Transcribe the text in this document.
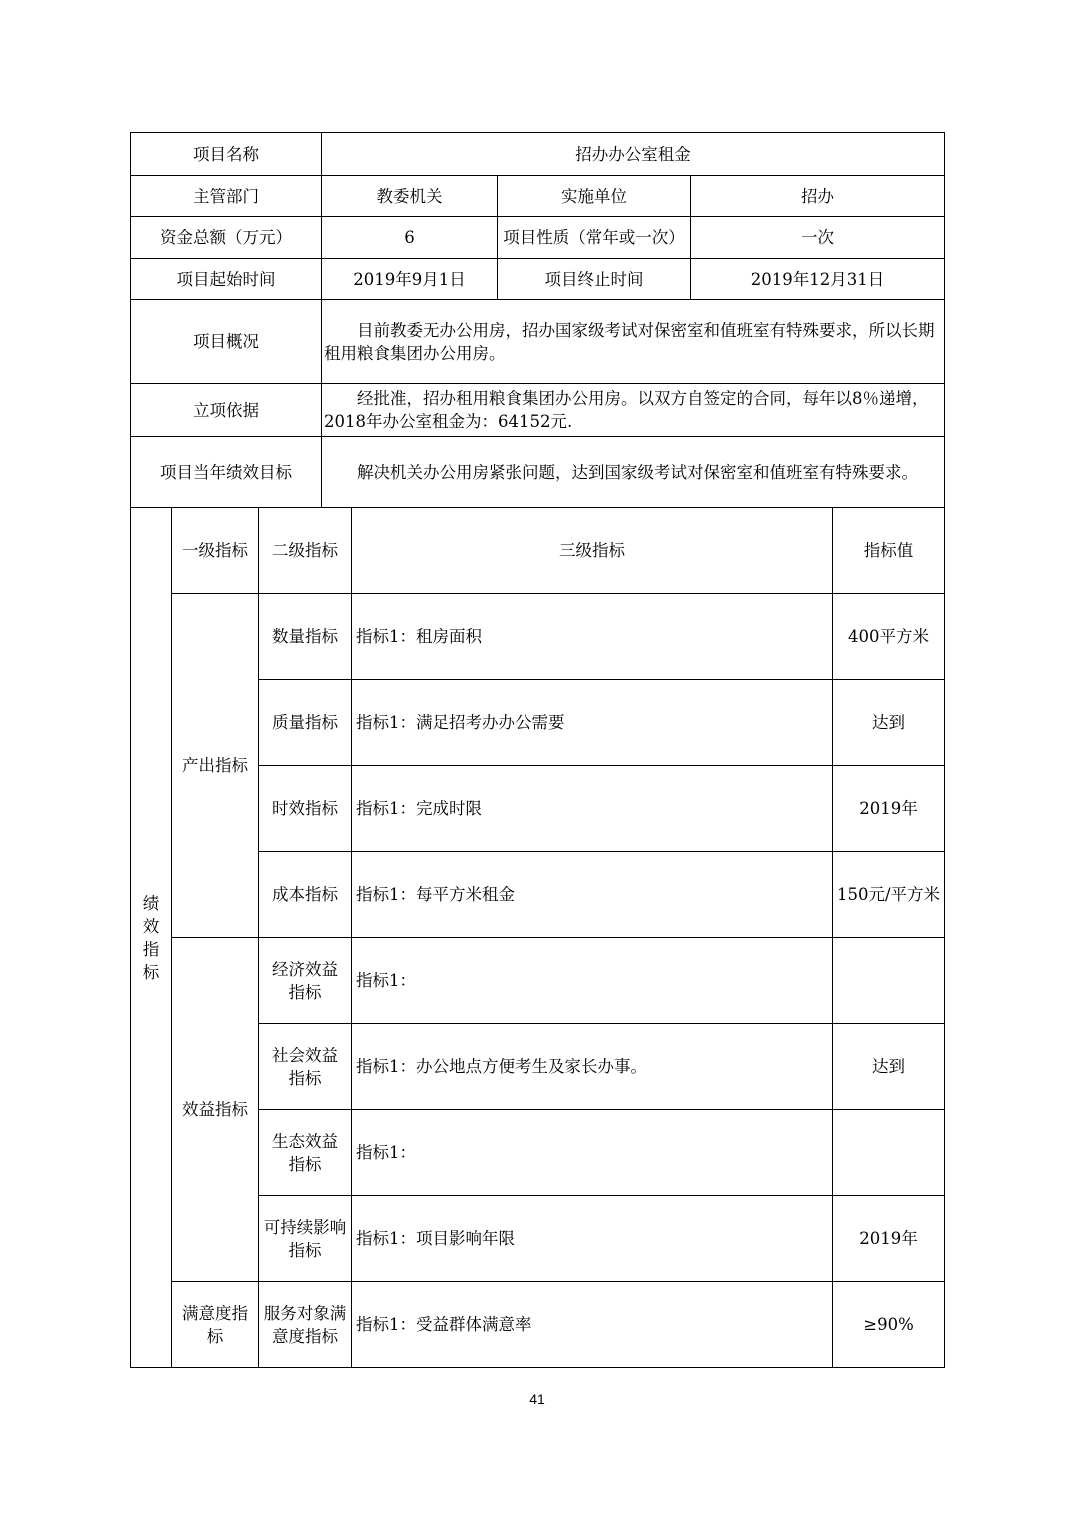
项目名称	招办办公室租金		
主管部门	教委机关	实施单位	招办
资金总额（万元）	6	项目性质（常年或一次）	一次
项目起始时间	2019年9月1日	项目终止时间	2019年12月31日
项目概况	目前教委无办公用房，招办国家级考试对保密室和值班室有特殊要求，所以长期租用粮食集团办公用房。		
立项依据	经批准，招办租用粮食集团办公用房。以双方自签定的合同，每年以8％递增，2018年办公室租金为：64152元.		
项目当年绩效目标	解决机关办公用房紧张问题，达到国家级考试对保密室和值班室有特殊要求。		
绩效指标	一级指标	二级指标	三级指标	指标值
	产出指标	数量指标	指标1：租房面积	400平方米
		质量指标	指标1：满足招考办办公需要	达到
		时效指标	指标1：完成时限	2019年
		成本指标	指标1：每平方米租金	150元/平方米
	效益指标	经济效益指标	指标1：	
		社会效益指标	指标1：办公地点方便考生及家长办事。	达到
		生态效益指标	指标1：	
		可持续影响指标	指标1：项目影响年限	2019年
	满意度指标	服务对象满意度指标	指标1：受益群体满意率	≥90%
41
